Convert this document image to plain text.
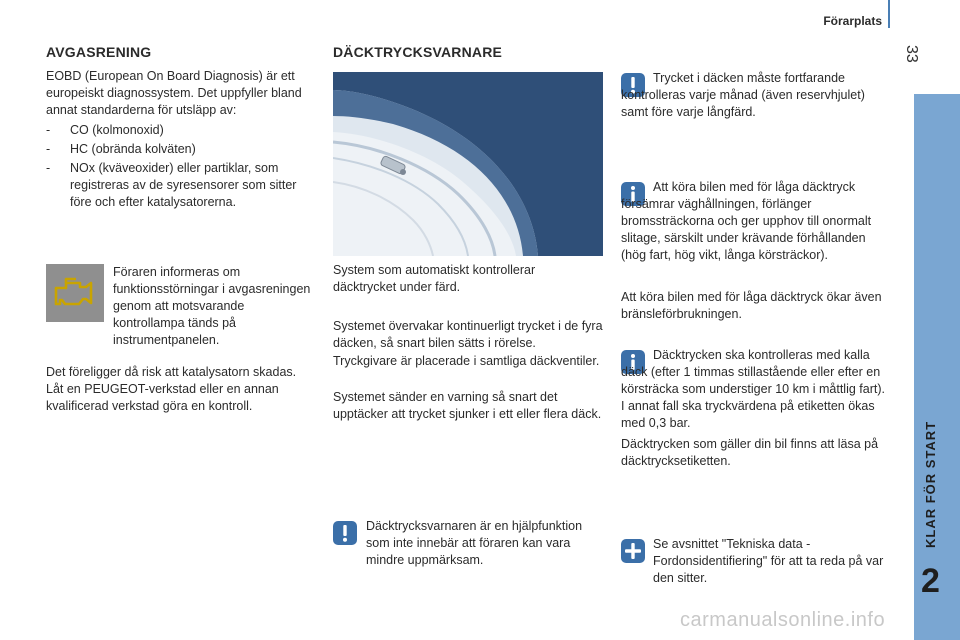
Förarplats
33
KLAR FÖR START
2
AVGASRENING

EOBD (European On Board Diagnosis) är ett europeiskt diagnossystem. Det uppfyller bland annat standarderna för utsläpp av:

-	CO (kolmonoxid)
-	HC (obrända kolväten)
-	NOx (kväveoxider) eller partiklar, som registreras av de syresensorer som sitter före och efter katalysatorerna.

Föraren informeras om funktionsstörningar i avgasreningen genom att motsvarande kontrollampa tänds på instrumentpanelen.

Det föreligger då risk att katalysatorn skadas. Låt en PEUGEOT-verkstad eller en annan kvalificerad verkstad göra en kontroll.

DÄCKTRYCKSVARNARE

System som automatiskt kontrollerar däcktrycket under färd.

Systemet övervakar kontinuerligt trycket i de fyra däcken, så snart bilen sätts i rörelse.

Tryckgivare är placerade i samtliga däckventiler.

Systemet sänder en varning så snart det upptäcker att trycket sjunker i ett eller flera däck.

Däcktrycksvarnaren är en hjälpfunktion som inte innebär att föraren kan vara mindre uppmärksam.

Trycket i däcken måste fortfarande kontrolleras varje månad (även reservhjulet) samt före varje långfärd.

Att köra bilen med för låga däcktryck försämrar väghållningen, förlänger bromssträckorna och ger upphov till onormalt slitage, särskilt under krävande förhållanden (hög fart, hög vikt, långa körsträckor).

Att köra bilen med för låga däcktryck ökar även bränsleförbrukningen.

Däcktrycken ska kontrolleras med kalla däck (efter 1 timmas stillastående eller efter en körsträcka som understiger 10 km i måttlig fart). I annat fall ska tryckvärdena på etiketten ökas med 0,3 bar.

Däcktrycken som gäller din bil finns att läsa på däcktrycksetiketten.

Se avsnittet "Tekniska data - Fordonsidentifiering" för att ta reda på var den sitter.

carmanualsonline.info
